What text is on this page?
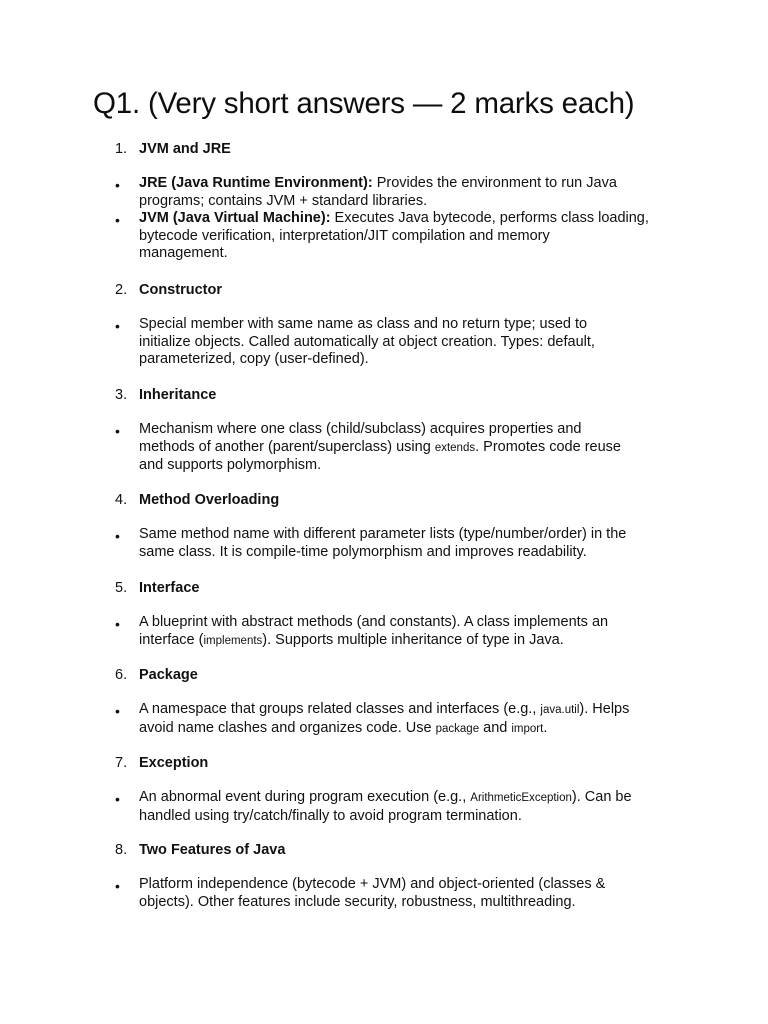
Q1. (Very short answers — 2 marks each)
1. JVM and JRE
• JRE (Java Runtime Environment): Provides the environment to run Java
programs; contains JVM + standard libraries.
• JVM (Java Virtual Machine): Executes Java bytecode, performs class loading,
bytecode verification, interpretation/JIT compilation and memory
management.
2. Constructor
• Special member with same name as class and no return type; used to
initialize objects. Called automatically at object creation. Types: default,
parameterized, copy (user-defined).
3. Inheritance
• Mechanism where one class (child/subclass) acquires properties and
methods of another (parent/superclass) using extends. Promotes code reuse
and supports polymorphism.
4. Method Overloading
• Same method name with different parameter lists (type/number/order) in the
same class. It is compile-time polymorphism and improves readability.
5. Interface
• A blueprint with abstract methods (and constants). A class implements an
interface (implements). Supports multiple inheritance of type in Java.
6. Package
• A namespace that groups related classes and interfaces (e.g., java.util). Helps
avoid name clashes and organizes code. Use package and import.
7. Exception
• An abnormal event during program execution (e.g., ArithmeticException). Can be
handled using try/catch/finally to avoid program termination.
8. Two Features of Java
• Platform independence (bytecode + JVM) and object-oriented (classes &
objects). Other features include security, robustness, multithreading.
